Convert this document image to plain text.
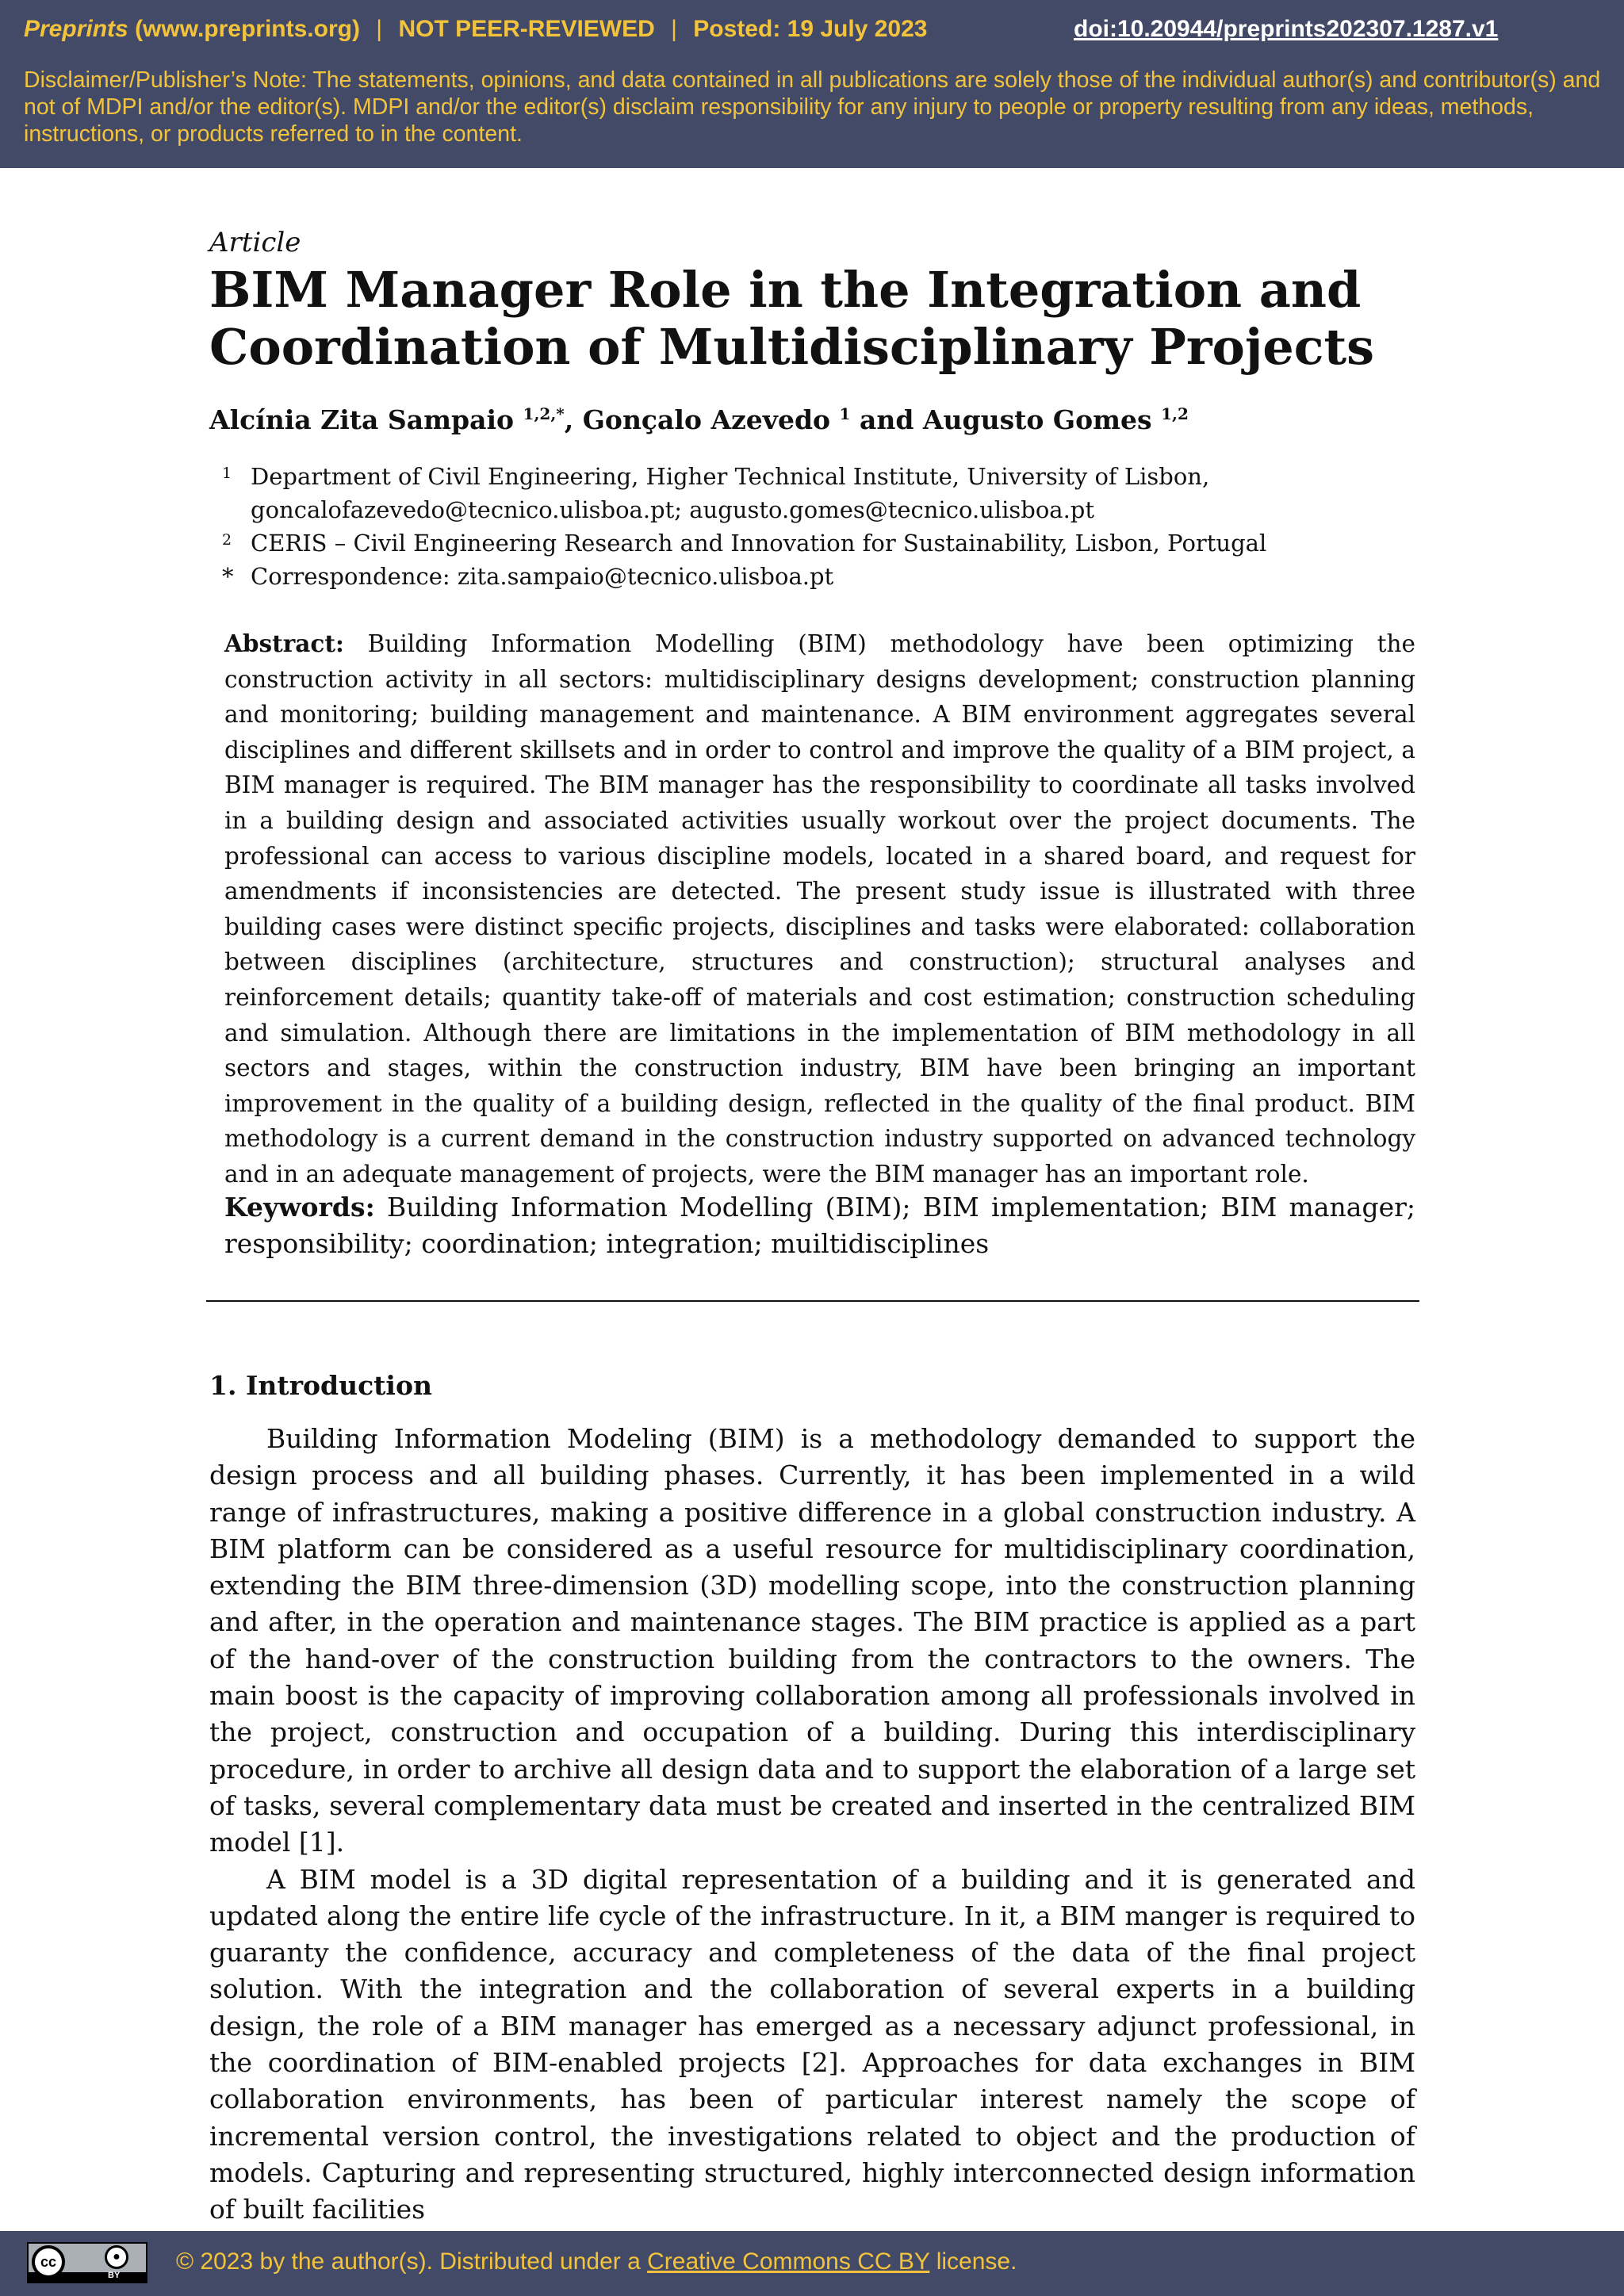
Preprints (www.preprints.org) | NOT PEER-REVIEWED | Posted: 19 July 2023	doi:10.20944/preprints202307.1287.v1
Disclaimer/Publisher’s Note: The statements, opinions, and data contained in all publications are solely those of the individual author(s) and contributor(s) and not of MDPI and/or the editor(s). MDPI and/or the editor(s) disclaim responsibility for any injury to people or property resulting from any ideas, methods, instructions, or products referred to in the content.
Article
BIM Manager Role in the Integration and
Coordination of Multidisciplinary Projects
Alcínia Zita Sampaio $^{1,2,*}$, Gonçalo Azevedo $^1$ and Augusto Gomes $^{1,2}$
1 Department of Civil Engineering, Higher Technical Institute, University of Lisbon,
goncalofazevedo@tecnico.ulisboa.pt; augusto.gomes@tecnico.ulisboa.pt
2 CERIS – Civil Engineering Research and Innovation for Sustainability, Lisbon, Portugal
* Correspondence: zita.sampaio@tecnico.ulisboa.pt

Abstract: Building Information Modelling (BIM) methodology have been optimizing the construction activity in all sectors: multidisciplinary designs development; construction planning and monitoring; building management and maintenance. A BIM environment aggregates several disciplines and different skillsets and in order to control and improve the quality of a BIM project, a BIM manager is required. The BIM manager has the responsibility to coordinate all tasks involved in a building design and associated activities usually workout over the project documents. The professional can access to various discipline models, located in a shared board, and request for amendments if inconsistencies are detected. The present study issue is illustrated with three building cases were distinct specific projects, disciplines and tasks were elaborated: collaboration between disciplines (architecture, structures and construction); structural analyses and reinforcement details; quantity take-off of materials and cost estimation; construction scheduling and simulation. Although there are limitations in the implementation of BIM methodology in all sectors and stages, within the construction industry, BIM have been bringing an important improvement in the quality of a building design, reflected in the quality of the final product. BIM methodology is a current demand in the construction industry supported on advanced technology and in an adequate management of projects, were the BIM manager has an important role.

Keywords: Building Information Modelling (BIM); BIM implementation; BIM manager; responsibility; coordination; integration; muiltidisciplines

1. Introduction

Building Information Modeling (BIM) is a methodology demanded to support the design process and all building phases. Currently, it has been implemented in a wild range of infrastructures, making a positive difference in a global construction industry. A BIM platform can be considered as a useful resource for multidisciplinary coordination, extending the BIM three-dimension (3D) modelling scope, into the construction planning and after, in the operation and maintenance stages. The BIM practice is applied as a part of the hand-over of the construction building from the contractors to the owners. The main boost is the capacity of improving collaboration among all professionals involved in the project, construction and occupation of a building. During this interdisciplinary procedure, in order to archive all design data and to support the elaboration of a large set of tasks, several complementary data must be created and inserted in the centralized BIM model [1].

A BIM model is a 3D digital representation of a building and it is generated and updated along the entire life cycle of the infrastructure. In it, a BIM manger is required to guaranty the confidence, accuracy and completeness of the data of the final project solution. With the integration and the collaboration of several experts in a building design, the role of a BIM manager has emerged as a necessary adjunct professional, in the coordination of BIM-enabled projects [2]. Approaches for data exchanges in BIM collaboration environments, has been of particular interest namely the scope of incremental version control, the investigations related to object and the production of models. Capturing and representing structured, highly interconnected design information of built facilities

cc	●
BY
© 2023 by the author(s). Distributed under a Creative Commons CC BY license.
